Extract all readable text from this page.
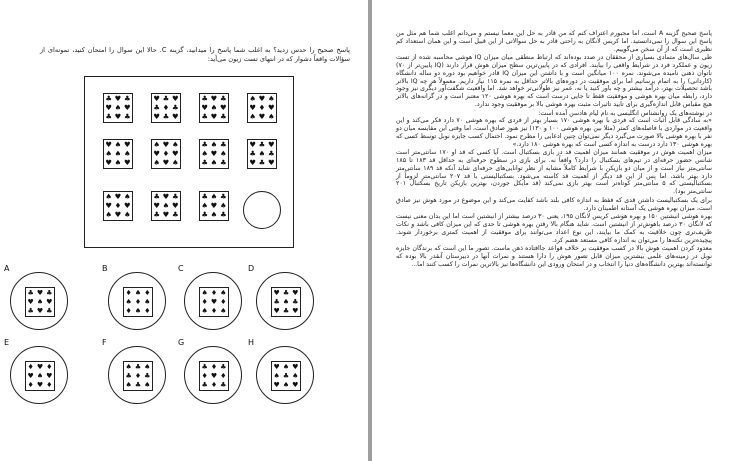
پاسخ صحیح را حدس زدید؟ به اغلب شما پاسخ را میدانید، گزینه C. حالا این سوال را امتحان کنید، نمونه‌ای از سؤالات واقعاً دشوار که در انتهای تست زیون می‌آید:

♣ ♥ ♣
♥ ♠ ♥
♣ ♥ ♣
♥ ♣ ♥
♣ ♦ ♣
♥ ♣ ♥
♣ ♥ ♣
♥ ♠ ♥
♣ ♥ ♣
♠ ♥ ♠
♥ ♦ ♥
♠ ♥ ♠
♥ ♠ ♥
♠ ♠ ♠
♥ ♠ ♥
♠ ♥ ♠
♥ ♦ ♥
♠ ♥ ♠
♣ ♠ ♣
♠ ♥ ♠
♣ ♠ ♣
♥ ♣ ♥
♣ ♠ ♣
♥ ♣ ♥
♠ ♥ ♠
♥ ♦ ♥
♠ ♥ ♠
♣ ♥ ♣
♥ ♠ ♥
♣ ♥ ♣
♣ ♠ ♣
♠ ♥ ♠
♣ ♠ ♣
A
♣ ♥ ♣
♥ ♠ ♥
♣ ♥ ♣
B
♦ ♠ ♦
♠ ♦ ♠
♦ ♠ ♦
C
♠ ♦ ♠
♦ ♥ ♦
♠ ♦ ♠
D
♥ ♣ ♥
♣ ♠ ♣
♥ ♣ ♥
E
♦ ♥ ♦
♥ ♠ ♥
♦ ♥ ♦
F
♠ ♣ ♠
♣ ♦ ♣
♠ ♣ ♠
G
♣ ♦ ♣
♦ ♥ ♦
♣ ♦ ♣
H
♥ ♠ ♥
♠ ♣ ♠
♥ ♠ ♥

پاسخ صحیح گزینه A است، اما مجبورم اعتراف کنم که من قادر به حل این معما نیستم و می‌دانم اغلب شما هم مثل من پاسخ این سوال را نمی‌دانستید. اما کریس لانگان به راحتی قادر به حل سوالاتی از این قبیل است و این همان استعداد کم نظیری است که از آن سخن می‌گوییم.

طی سال‌های متمادی بسیاری از محققان در صدد بوده‌اند که ارتباط منطقی میان میزان IQ هوشی محاسبه شده از تست زیون و عملکرد فرد در شرایط واقعی را بیابند. افرادی که در پایین‌ترین سطح میزان هوش قرار دارند (IQ پایین‌تر از ۷۰) ناتوان ذهنی نامیده می‌شوند. نمره ۱۰۰ میانگین است و با داشتن این میزان IQ قادر خواهیم بود دوره دو ساله دانشگاه (کاردانی) را به اتمام برسانیم اما برای موفقیت در دوره‌های بالاتر حداقل به نمره ۱۱۵ نیاز داریم. معمولاً هر چه IQ بالاتر باشد تحصیلات بهتر، درآمد بیشتر و چه باور کنید یا نه، عمر نیز طولانی‌تر خواهد شد. اما واقعیت شگفت‌آور دیگری نیز وجود دارد، رابطه میان بهره هوشی و موفقیت فقط تا جایی درست است که بهره هوشی ۱۲۰ معتبر است و در گرانه‌های بالاتر هیچ مقیاس قابل اندازه‌گیری برای تایید تاثیرات مثبت بهره هوشی بالا بر موفقیت وجود ندارد.

در نوشته‌های یک روانشناس انگلیسی به نام لیام هادسن آمده است:

«به سادگی قابل اثبات است که فردی با بهره هوشی ۱۷۰ بسیار بهتر از فردی که بهره هوشی ۷۰ دارد فکر می‌کند و این واقعیت در مواردی با فاصله‌های کمتر (مثلا بین بهره هوشی ۱۰۰ و ۱۳۰) نیز هنوز صادق است، اما وقتی این مقایسه میان دو نفر با بهره هوشی بالا صورت می‌گیرد دیگر نمی‌توان چنین ادعایی را مطرح نمود. احتمال کسب جایزه نوبل توسط کسی که بهره هوشی ۱۳۰ دارد درست به اندازه کسی است که بهره هوشی ۱۸۰ دارد.»

میزان اهمیت هوش در موفقیت همانند میزان اهمیت قد در بازی بسکتبال است. آیا کسی که قد او ۱۷۰ سانتی‌متر است شانس حضور حرفه‌ای در تیم‌های بسکتبال را دارد؟ واقعاً نه. برای بازی در سطوح حرفه‌ای به حداقل قد ۱۸۳ تا ۱۸۵ سانتی‌متر نیاز است و از میان دو بازیکن با شرایط کاملاً مشابه از نظر توانایی‌های حرفه‌ای شاید آنکه قد ۱۸۹ سانتی‌متر دارد بهتر باشد، اما پس از این قد دیگر از اهمیت قد کاسته می‌شود. بسکتبالیستی با قد ۲۰۷ سانتی‌متر لزوماً از بسکتبالیستی که ۵ سانتی‌متر کوتاه‌تر است بهتر بازی نمی‌کند (قد مایکل جوردن، بهترین بازیکن تاریخ بسکتبال ۲۰۱ سانتی‌متر بود).

برای یک بسکتبالیست داشتن قدی که فقط به اندازه کافی بلند باشد کفایت می‌کند و این موضوع در مورد هوش نیز صادق است، میزان بهره هوشی یک آستانه اطمینان دارد.

بهره هوشی انیشتین ۱۵۰ و بهره هوشی کریس لانگان ۱۹۵، یعنی ۳۰ درصد بیشتر از انیشتین است اما این بدان معنی نیست که لانگان ۳۰ درصد باهوش‌تر از انیشتین است. شاید هنگام بالا رفتن بهره هوشی تا حدی که این میزان کافی باشد و نکات ظریف‌تری چون خلاقیت به کمک ما بیایند، این نوع اعداد می‌توانند برای موفقیت از اهمیت کمتری برخوردار شوند. پیچیده‌ترین نکته‌ها را می‌توان به اندازه کافی مستعد هضم کرد.

معدود کردن اهمیت هوش بالا در کسب موفقیت بر خلاف قواعد جاافتاده ذهن ماست. تصور ما این است که برندگان جایزه نوبل در زمینه‌های علمی بیشترین میزان قابل تصور هوش را دارا هستند و نمرات آنها در دبیرستان آنقدر بالا بوده که توانسته‌اند بهترین دانشگاه‌های دنیا را انتخاب و در امتحان ورودی این دانشگاه‌ها نیز بالاترین نمرات را کسب کنند اما...
